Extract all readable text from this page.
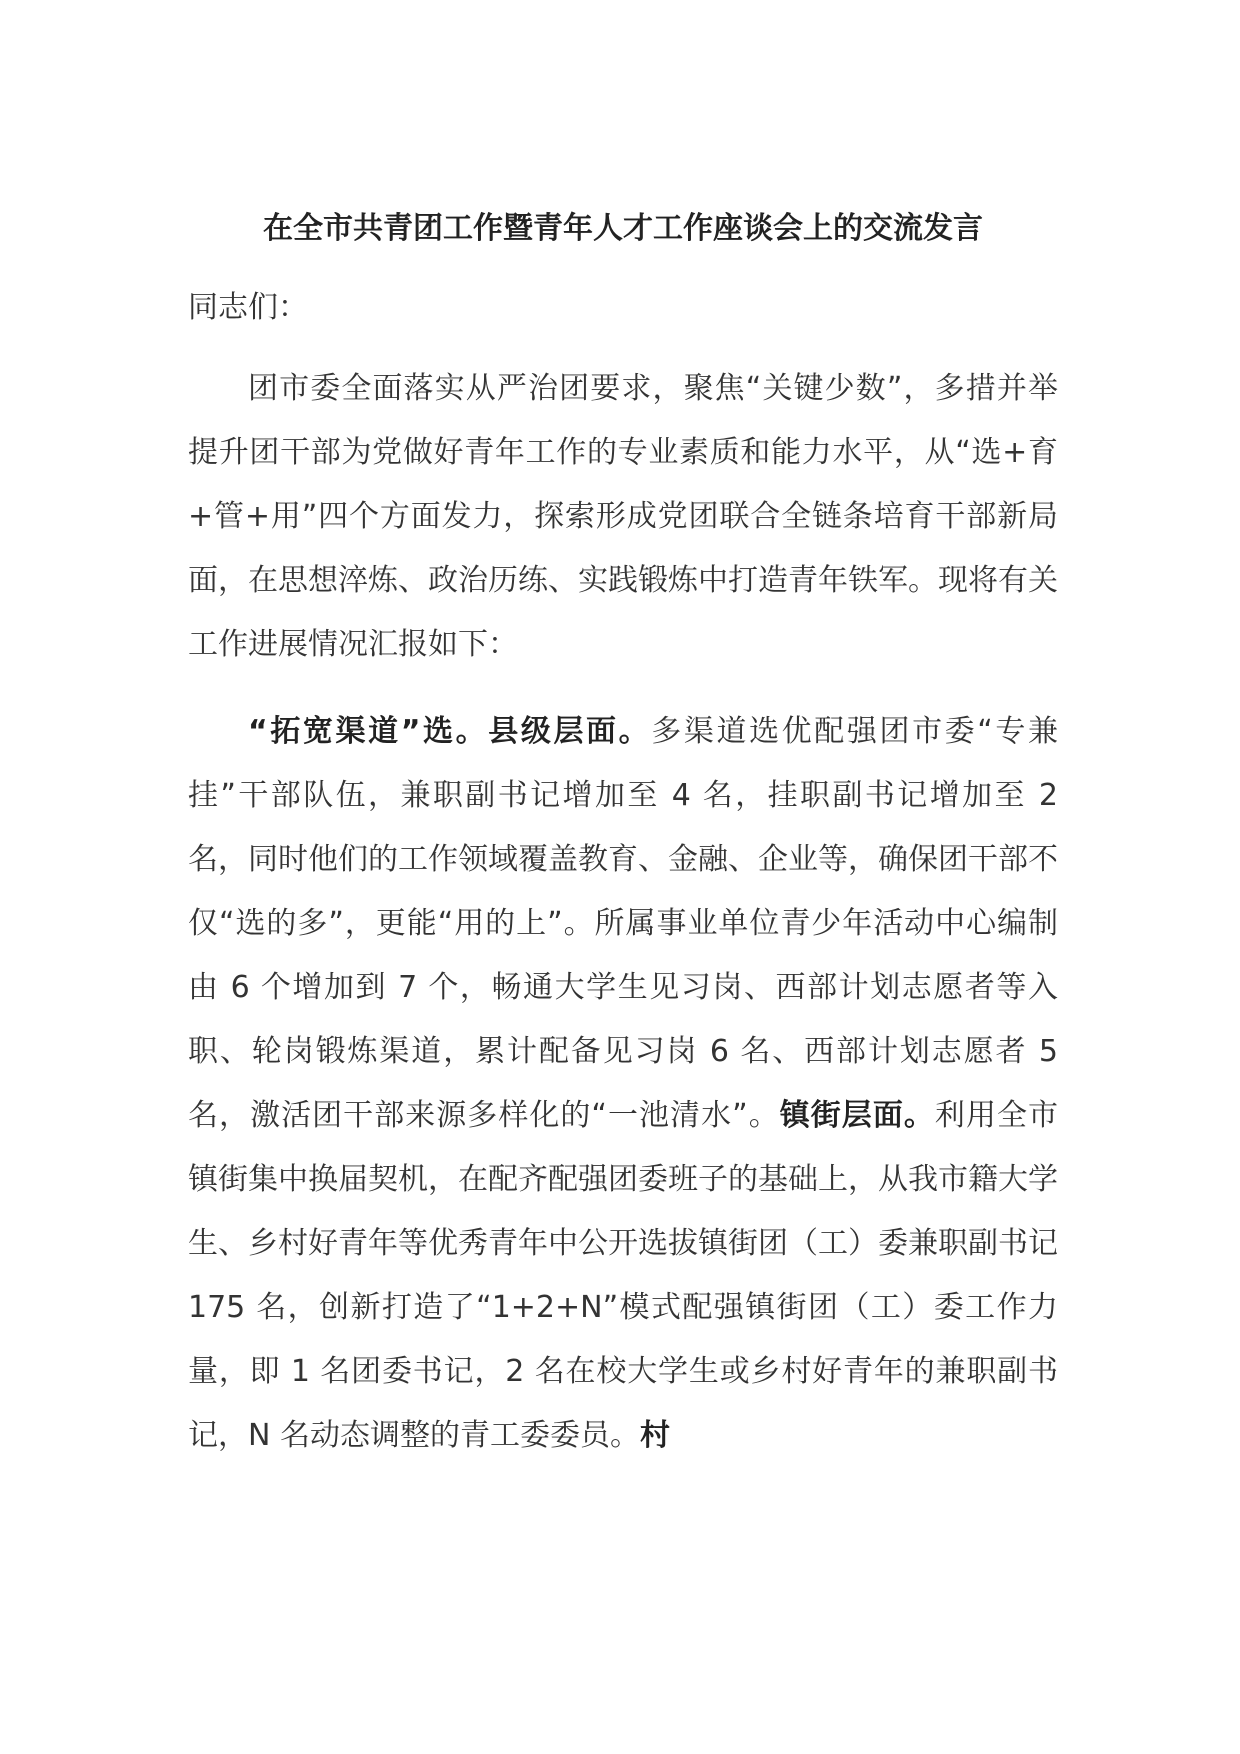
在全市共青团工作暨青年人才工作座谈会上的交流发言
同志们：

团市委全面落实从严治团要求，聚焦“关键少数”，多措并举提升团干部为党做好青年工作的专业素质和能力水平，从“选+育+管+用”四个方面发力，探索形成党团联合全链条培育干部新局面，在思想淬炼、政治历练、实践锻炼中打造青年铁军。现将有关工作进展情况汇报如下：

“拓宽渠道”选。县级层面。多渠道选优配强团市委“专兼挂”干部队伍，兼职副书记增加至 4 名，挂职副书记增加至 2 名，同时他们的工作领域覆盖教育、金融、企业等，确保团干部不仅“选的多”，更能“用的上”。所属事业单位青少年活动中心编制由 6 个增加到 7 个，畅通大学生见习岗、西部计划志愿者等入职、轮岗锻炼渠道，累计配备见习岗 6 名、西部计划志愿者 5 名，激活团干部来源多样化的“一池清水”。镇街层面。利用全市镇街集中换届契机，在配齐配强团委班子的基础上，从我市籍大学生、乡村好青年等优秀青年中公开选拔镇街团（工）委兼职副书记 175 名，创新打造了“1+2+N”模式配强镇街团（工）委工作力量，即 1 名团委书记，2 名在校大学生或乡村好青年的兼职副书记，N 名动态调整的青工委委员。村
